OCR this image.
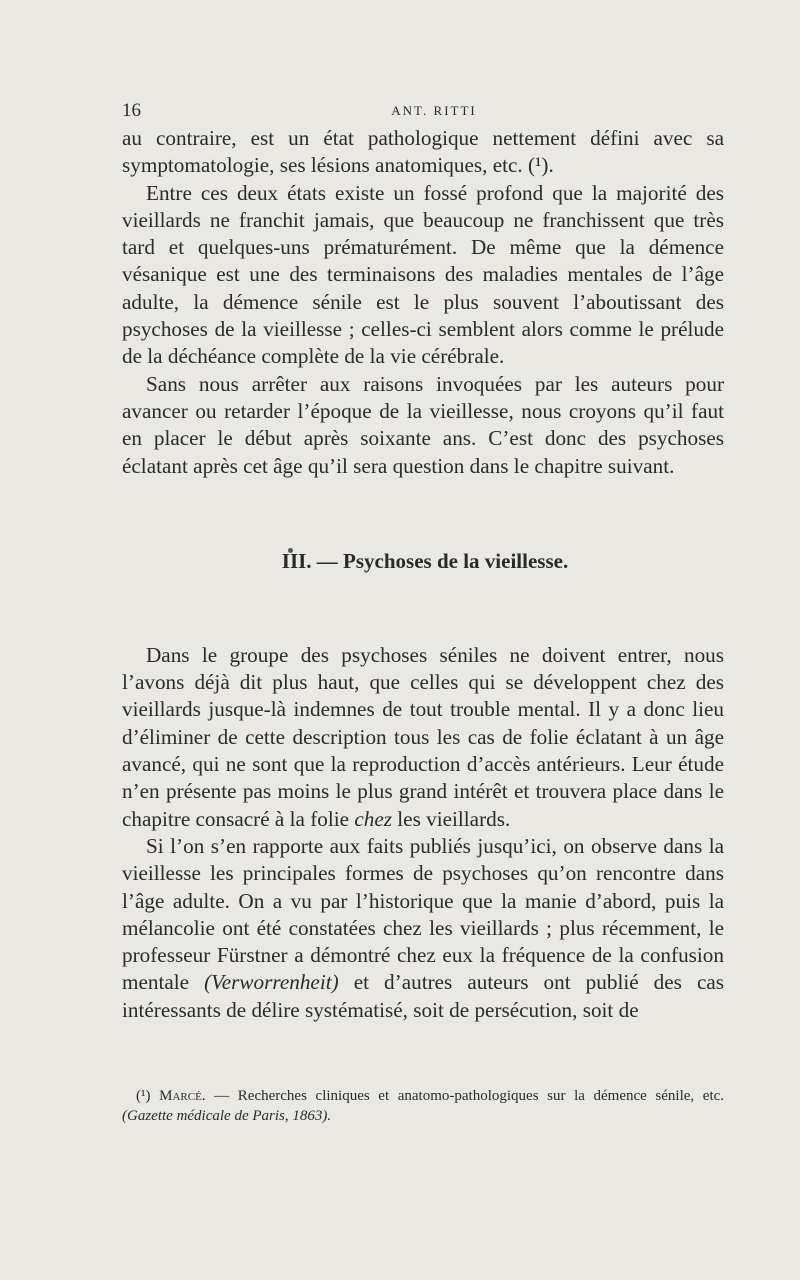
16	ANT. RITTI

au contraire, est un état pathologique nettement défini avec sa symptomatologie, ses lésions anatomiques, etc. (¹).

Entre ces deux états existe un fossé profond que la majorité des vieillards ne franchit jamais, que beaucoup ne franchissent que très tard et quelques-uns prématurément. De même que la démence vésanique est une des terminaisons des maladies mentales de l’âge adulte, la démence sénile est le plus souvent l’aboutissant des psychoses de la vieillesse ; celles-ci semblent alors comme le prélude de la déchéance complète de la vie cérébrale.

Sans nous arrêter aux raisons invoquées par les auteurs pour avancer ou retarder l’époque de la vieillesse, nous croyons qu’il faut en placer le début après soixante ans. C’est donc des psychoses éclatant après cet âge qu’il sera question dans le chapitre suivant.

III. — Psychoses de la vieillesse.

Dans le groupe des psychoses séniles ne doivent entrer, nous l’avons déjà dit plus haut, que celles qui se développent chez des vieillards jusque-là indemnes de tout trouble mental. Il y a donc lieu d’éliminer de cette description tous les cas de folie éclatant à un âge avancé, qui ne sont que la reproduction d’accès antérieurs. Leur étude n’en présente pas moins le plus grand intérêt et trouvera place dans le chapitre consacré à la folie chez les vieillards.

Si l’on s’en rapporte aux faits publiés jusqu’ici, on observe dans la vieillesse les principales formes de psychoses qu’on rencontre dans l’âge adulte. On a vu par l’historique que la manie d’abord, puis la mélancolie ont été constatées chez les vieillards ; plus récemment, le professeur Fürstner a démontré chez eux la fréquence de la confusion mentale (Verworrenheit) et d’autres auteurs ont publié des cas intéressants de délire systématisé, soit de persécution, soit de

(¹) Marcé. — Recherches cliniques et anatomo-pathologiques sur la démence sénile, etc. (Gazette médicale de Paris, 1863).
